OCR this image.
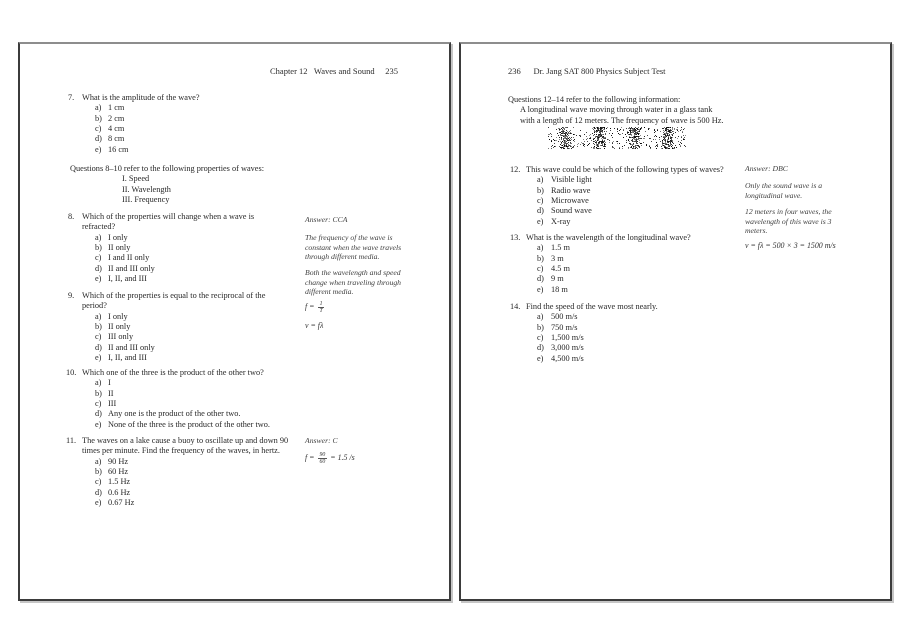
Chapter 12
Waves and Sound
235
7. What is the amplitude of the wave?
a) 1 cm
b) 2 cm
c) 4 cm
d) 8 cm
e) 16 cm
Questions 8–10 refer to the following properties of waves:
I. Speed
II. Wavelength
III. Frequency
8. Which of the properties will change when a wave is
refracted?
a) I only
b) II only
c) I and II only
d) II and III only
e) I, II, and III
9. Which of the properties is equal to the reciprocal of the
period?
a) I only
b) II only
c) III only
d) II and III only
e) I, II, and III
10. Which one of the three is the product of the other two?
a) I
b) II
c) III
d) Any one is the product of the other two.
e) None of the three is the product of the other two.
11. The waves on a lake cause a buoy to oscillate up and down 90
times per minute. Find the frequency of the waves, in hertz.
a) 90 Hz
b) 60 Hz
c) 1.5 Hz
d) 0.6 Hz
e) 0.67 Hz
Answer: CCA
The frequency of the wave is constant when the wave travels through different media.
Both the wavelength and speed change when traveling through different media.
$f = \frac{1}{T}$
v = fλ
Answer: C
$f = \frac{90}{60} = 1.5$ /s
236
Dr. Jang SAT 800 Physics Subject Test
Questions 12–14 refer to the following information:
A longitudinal wave moving through water in a glass tank
with a length of 12 meters. The frequency of wave is 500 Hz.
12. This wave could be which of the following types of waves?
a) Visible light
b) Radio wave
c) Microwave
d) Sound wave
e) X-ray
13. What is the wavelength of the longitudinal wave?
a) 1.5 m
b) 3 m
c) 4.5 m
d) 9 m
e) 18 m
14. Find the speed of the wave most nearly.
a) 500 m/s
b) 750 m/s
c) 1,500 m/s
d) 3,000 m/s
e) 4,500 m/s
Answer: DBC
Only the sound wave is a longitudinal wave.
12 meters in four waves, the wavelength of this wave is 3 meters.
v = fλ = 500 × 3 = 1500 m/s
